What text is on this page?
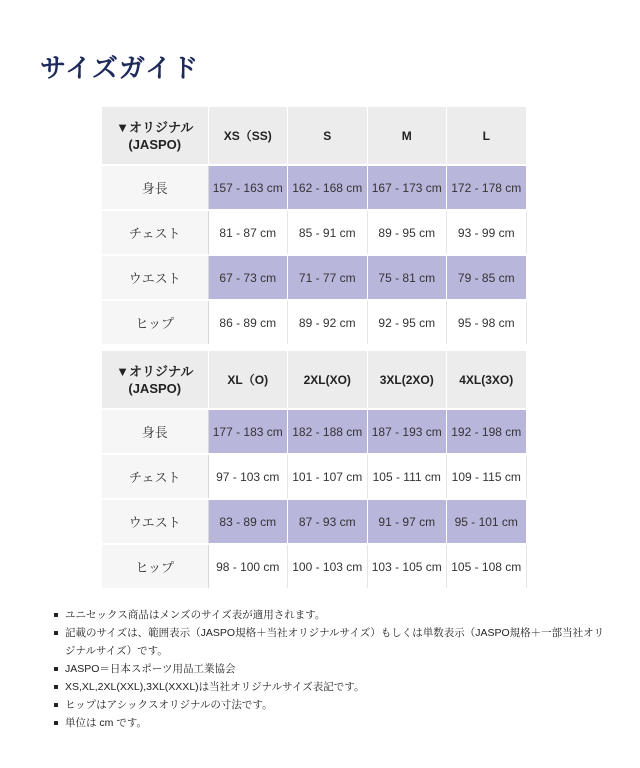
サイズガイド
▼オリジナル
(JASPO)	XS（SS)	S	M	L
身長	157 - 163 cm	162 - 168 cm	167 - 173 cm	172 - 178 cm
チェスト	81 - 87 cm	85 - 91 cm	89 - 95 cm	93 - 99 cm
ウエスト	67 - 73 cm	71 - 77 cm	75 - 81 cm	79 - 85 cm
ヒップ	86 - 89 cm	89 - 92 cm	92 - 95 cm	95 - 98 cm
▼オリジナル
(JASPO)	XL（O)	2XL(XO)	3XL(2XO)	4XL(3XO)
身長	177 - 183 cm	182 - 188 cm	187 - 193 cm	192 - 198 cm
チェスト	97 - 103 cm	101 - 107 cm	105 - 111 cm	109 - 115 cm
ウエスト	83 - 89 cm	87 - 93 cm	91 - 97 cm	95 - 101 cm
ヒップ	98 - 100 cm	100 - 103 cm	103 - 105 cm	105 - 108 cm
ユニセックス商品はメンズのサイズ表が適用されます。
記載のサイズは、範囲表示（JASPO規格＋当社オリジナルサイズ）もしくは単数表示（JASPO規格＋一部当社オリジナルサイズ）です。
JASPO＝日本スポーツ用品工業協会
XS,XL,2XL(XXL),3XL(XXXL)は当社オリジナルサイズ表記です。
ヒップはアシックスオリジナルの寸法です。
単位は cm です。
